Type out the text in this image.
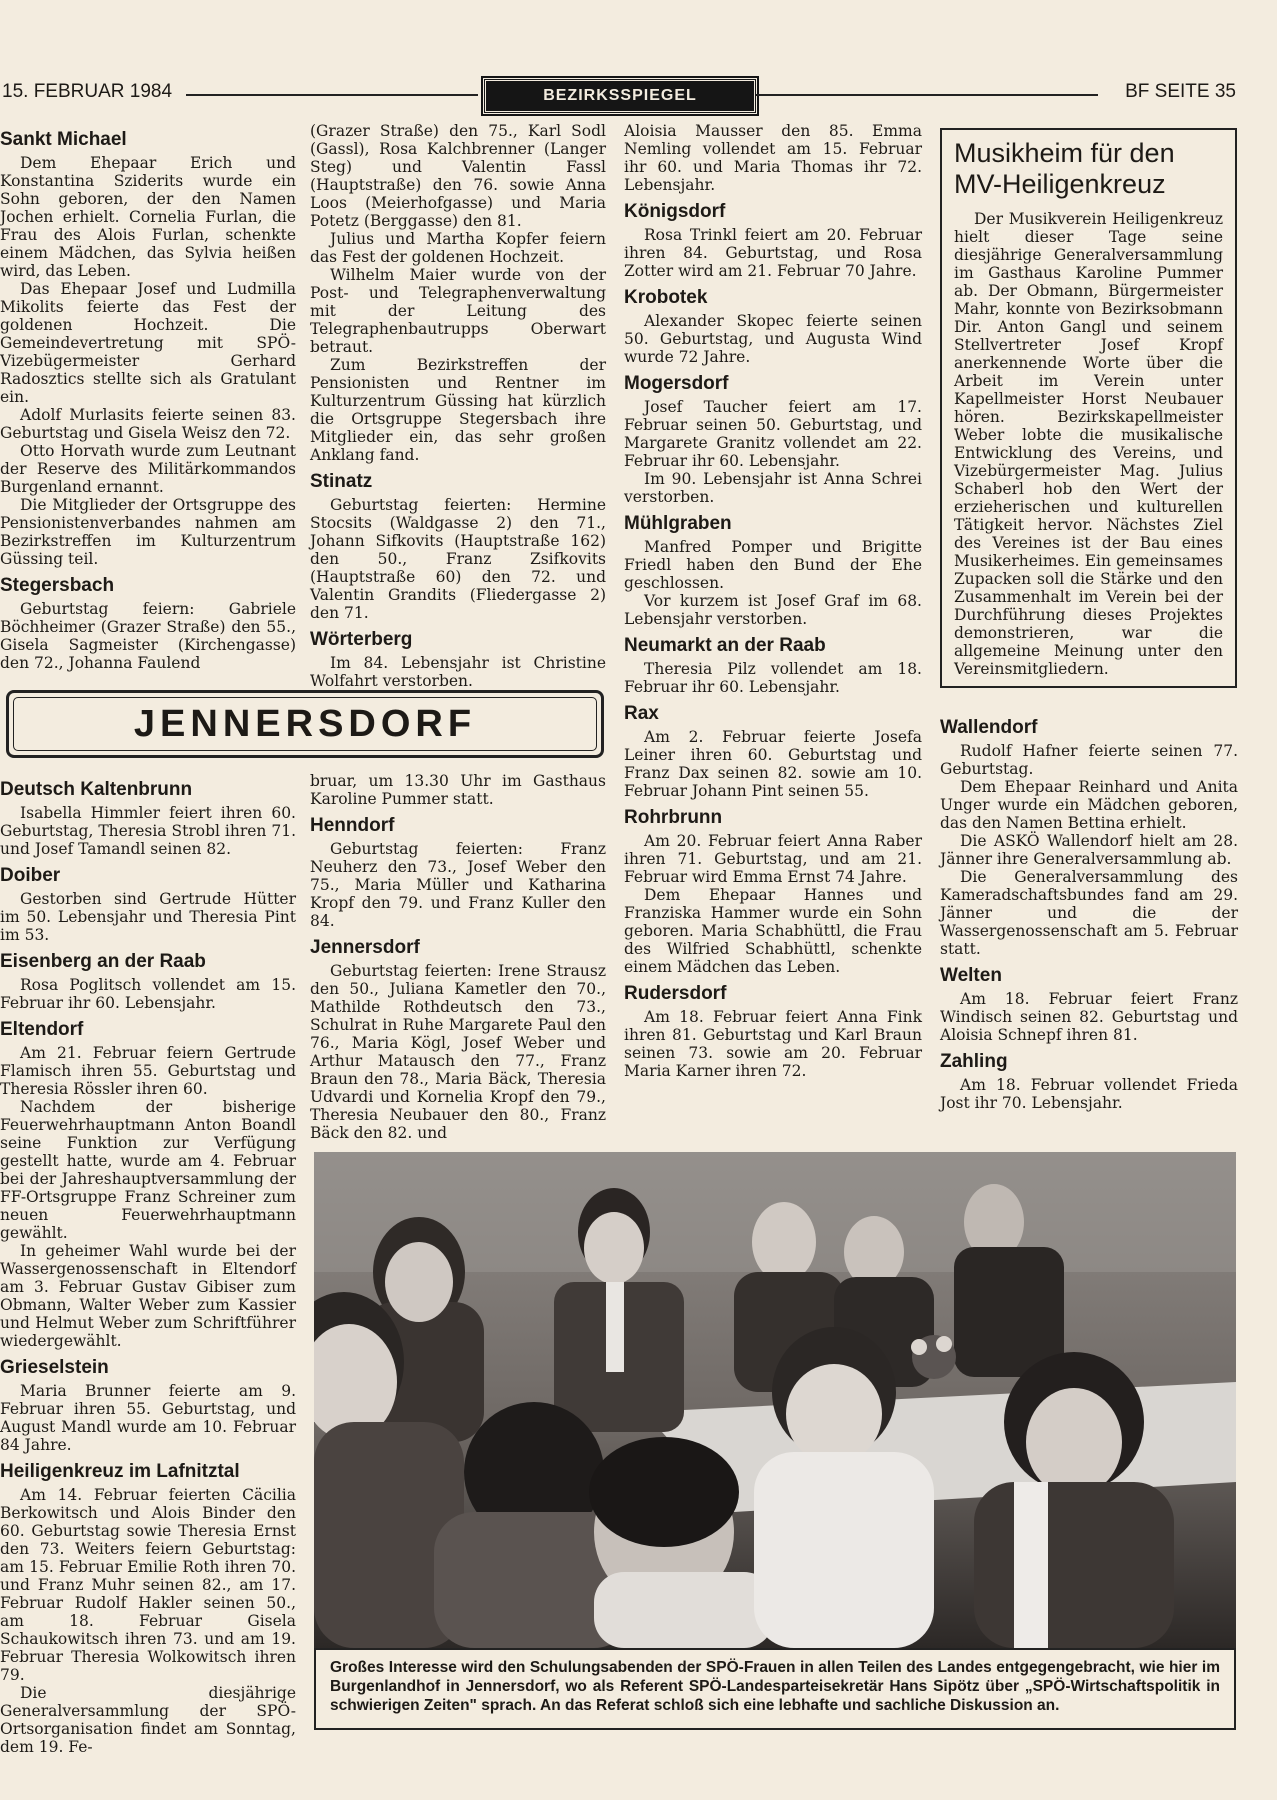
15. FEBRUAR 1984	BEZIRKSSPIEGEL	BF SEITE 35
Sankt Michael

Dem Ehepaar Erich und Konstantina Sziderits wurde ein Sohn geboren, der den Namen Jochen erhielt. Cornelia Furlan, die Frau des Alois Furlan, schenkte einem Mädchen, das Sylvia heißen wird, das Leben.

Das Ehepaar Josef und Ludmilla Mikolits feierte das Fest der goldenen Hochzeit. Die Gemeindevertretung mit SPÖ-Vizebügermeister Gerhard Radosztics stellte sich als Gratulant ein.

Adolf Murlasits feierte seinen 83. Geburtstag und Gisela Weisz den 72.

Otto Horvath wurde zum Leutnant der Reserve des Militärkommandos Burgenland ernannt.

Die Mitglieder der Ortsgruppe des Pensionistenverbandes nahmen am Bezirkstreffen im Kulturzentrum Güssing teil.

Stegersbach

Geburtstag feiern: Gabriele Böchheimer (Grazer Straße) den 55., Gisela Sagmeister (Kirchengasse) den 72., Johanna Faulend

(Grazer Straße) den 75., Karl Sodl (Gassl), Rosa Kalchbrenner (Langer Steg) und Valentin Fassl (Hauptstraße) den 76. sowie Anna Loos (Meierhofgasse) und Maria Potetz (Berggasse) den 81.

Julius und Martha Kopfer feiern das Fest der goldenen Hochzeit.

Wilhelm Maier wurde von der Post- und Telegraphenverwaltung mit der Leitung des Telegraphenbautrupps Oberwart betraut.

Zum Bezirkstreffen der Pensionisten und Rentner im Kulturzentrum Güssing hat kürzlich die Ortsgruppe Stegersbach ihre Mitglieder ein, das sehr großen Anklang fand.

Stinatz

Geburtstag feierten: Hermine Stocsits (Waldgasse 2) den 71., Johann Sifkovits (Hauptstraße 162) den 50., Franz Zsifkovits (Hauptstraße 60) den 72. und Valentin Grandits (Fliedergasse 2) den 71.

Wörterberg

Im 84. Lebensjahr ist Christine Wolfahrt verstorben.

Aloisia Mausser den 85. Emma Nemling vollendet am 15. Februar ihr 60. und Maria Thomas ihr 72. Lebensjahr.

Königsdorf

Rosa Trinkl feiert am 20. Februar ihren 84. Geburtstag, und Rosa Zotter wird am 21. Februar 70 Jahre.

Krobotek

Alexander Skopec feierte seinen 50. Geburtstag, und Augusta Wind wurde 72 Jahre.

Mogersdorf

Josef Taucher feiert am 17. Februar seinen 50. Geburtstag, und Margarete Granitz vollendet am 22. Februar ihr 60. Lebensjahr.

Im 90. Lebensjahr ist Anna Schrei verstorben.

Mühlgraben

Manfred Pomper und Brigitte Friedl haben den Bund der Ehe geschlossen.

Vor kurzem ist Josef Graf im 68. Lebensjahr verstorben.

Neumarkt an der Raab

Theresia Pilz vollendet am 18. Februar ihr 60. Lebensjahr.

Rax

Am 2. Februar feierte Josefa Leiner ihren 60. Geburtstag und Franz Dax seinen 82. sowie am 10. Februar Johann Pint seinen 55.

Rohrbrunn

Am 20. Februar feiert Anna Raber ihren 71. Geburtstag, und am 21. Februar wird Emma Ernst 74 Jahre.

Dem Ehepaar Hannes und Franziska Hammer wurde ein Sohn geboren. Maria Schabhüttl, die Frau des Wilfried Schabhüttl, schenkte einem Mädchen das Leben.

Rudersdorf

Am 18. Februar feiert Anna Fink ihren 81. Geburtstag und Karl Braun seinen 73. sowie am 20. Februar Maria Karner ihren 72.

Musikheim für den MV-Heiligenkreuz

Der Musikverein Heiligenkreuz hielt dieser Tage seine diesjährige Generalversammlung im Gasthaus Karoline Pummer ab. Der Obmann, Bürgermeister Mahr, konnte von Bezirksobmann Dir. Anton Gangl und seinem Stellvertreter Josef Kropf anerkennende Worte über die Arbeit im Verein unter Kapellmeister Horst Neubauer hören. Bezirkskapellmeister Weber lobte die musikalische Entwicklung des Vereins, und Vizebürgermeister Mag. Julius Schaberl hob den Wert der erzieherischen und kulturellen Tätigkeit hervor. Nächstes Ziel des Vereines ist der Bau eines Musikerheimes. Ein gemeinsames Zupacken soll die Stärke und den Zusammenhalt im Verein bei der Durchführung dieses Projektes demonstrieren, war die allgemeine Meinung unter den Vereinsmitgliedern.

Wallendorf

Rudolf Hafner feierte seinen 77. Geburtstag.

Dem Ehepaar Reinhard und Anita Unger wurde ein Mädchen geboren, das den Namen Bettina erhielt.

Die ASKÖ Wallendorf hielt am 28. Jänner ihre Generalversammlung ab.

Die Generalversammlung des Kameradschaftsbundes fand am 29. Jänner und die der Wassergenossenschaft am 5. Februar statt.

Welten

Am 18. Februar feiert Franz Windisch seinen 82. Geburtstag und Aloisia Schnepf ihren 81.

Zahling

Am 18. Februar vollendet Frieda Jost ihr 70. Lebensjahr.

JENNERSDORF
Deutsch Kaltenbrunn

Isabella Himmler feiert ihren 60. Geburtstag, Theresia Strobl ihren 71. und Josef Tamandl seinen 82.

Doiber

Gestorben sind Gertrude Hütter im 50. Lebensjahr und Theresia Pint im 53.

Eisenberg an der Raab

Rosa Poglitsch vollendet am 15. Februar ihr 60. Lebensjahr.

Eltendorf

Am 21. Februar feiern Gertrude Flamisch ihren 55. Geburtstag und Theresia Rössler ihren 60.

Nachdem der bisherige Feuerwehrhauptmann Anton Boandl seine Funktion zur Verfügung gestellt hatte, wurde am 4. Februar bei der Jahreshauptversammlung der FF-Ortsgruppe Franz Schreiner zum neuen Feuerwehrhauptmann gewählt.

In geheimer Wahl wurde bei der Wassergenossenschaft in Eltendorf am 3. Februar Gustav Gibiser zum Obmann, Walter Weber zum Kassier und Helmut Weber zum Schriftführer wiedergewählt.

Grieselstein

Maria Brunner feierte am 9. Februar ihren 55. Geburtstag, und August Mandl wurde am 10. Februar 84 Jahre.

Heiligenkreuz im Lafnitztal

Am 14. Februar feierten Cäcilia Berkowitsch und Alois Binder den 60. Geburtstag sowie Theresia Ernst den 73. Weiters feiern Geburtstag: am 15. Februar Emilie Roth ihren 70. und Franz Muhr seinen 82., am 17. Februar Rudolf Hakler seinen 50., am 18. Februar Gisela Schaukowitsch ihren 73. und am 19. Februar Theresia Wolkowitsch ihren 79.

Die diesjährige Generalversammlung der SPÖ-Ortsorganisation findet am Sonntag, dem 19. Fe-

bruar, um 13.30 Uhr im Gasthaus Karoline Pummer statt.

Henndorf

Geburtstag feierten: Franz Neuherz den 73., Josef Weber den 75., Maria Müller und Katharina Kropf den 79. und Franz Kuller den 84.

Jennersdorf

Geburtstag feierten: Irene Strausz den 50., Juliana Kametler den 70., Mathilde Rothdeutsch den 73., Schulrat in Ruhe Margarete Paul den 76., Maria Kögl, Josef Weber und Arthur Matausch den 77., Franz Braun den 78., Maria Bäck, Theresia Udvardi und Kornelia Kropf den 79., Theresia Neubauer den 80., Franz Bäck den 82. und

Großes Interesse wird den Schulungsabenden der SPÖ-Frauen in allen Teilen des Landes entgegengebracht, wie hier im Burgenlandhof in Jennersdorf, wo als Referent SPÖ-Landesparteisekretär Hans Sipötz über „SPÖ-Wirtschaftspolitik in schwierigen Zeiten" sprach. An das Referat schloß sich eine lebhafte und sachliche Diskussion an.
